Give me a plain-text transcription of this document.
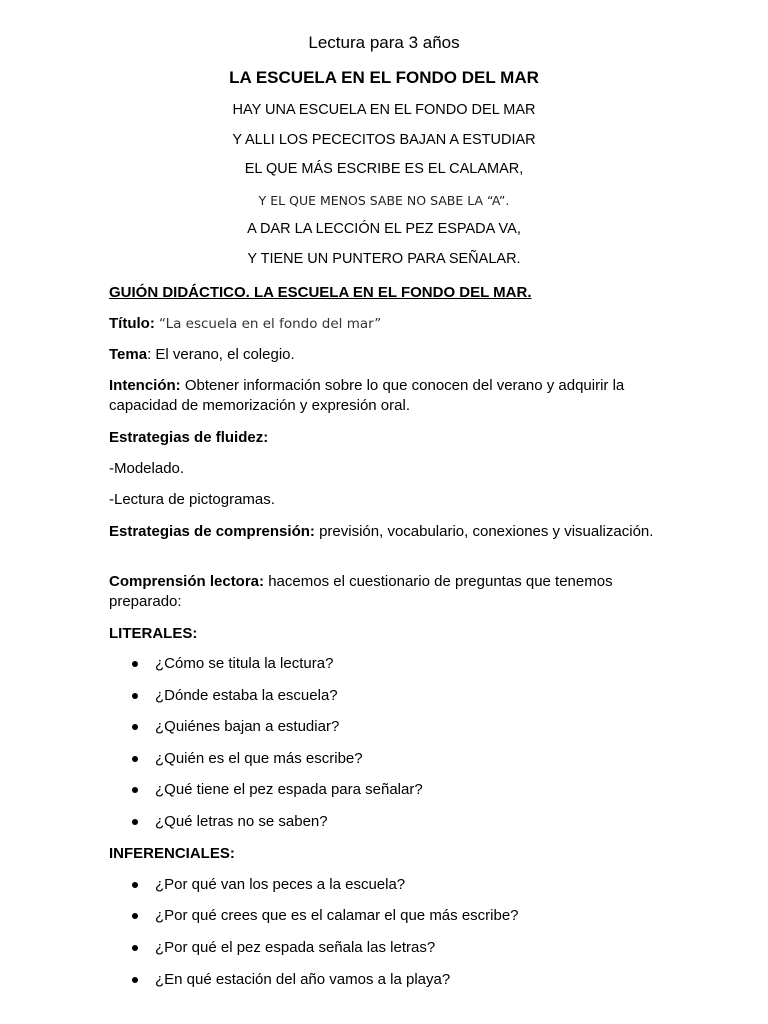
Lectura para 3 años
LA ESCUELA EN EL FONDO DEL MAR
HAY UNA ESCUELA EN EL FONDO DEL MAR
Y ALLI LOS PECECITOS BAJAN A ESTUDIAR
EL QUE MÁS ESCRIBE ES EL CALAMAR,
Y EL QUE MENOS SABE NO SABE LA “A”.
A DAR LA LECCIÓN EL PEZ ESPADA VA,
Y TIENE UN PUNTERO PARA SEÑALAR.
GUIÓN DIDÁCTICO. LA ESCUELA EN EL FONDO DEL MAR.
Título: “La escuela en el fondo del mar”
Tema: El verano, el colegio.
Intención: Obtener información sobre lo que conocen del verano y adquirir la capacidad de memorización y expresión oral.
Estrategias de fluidez:
-Modelado.
-Lectura de pictogramas.
Estrategias de comprensión: previsión, vocabulario, conexiones y visualización.
Comprensión lectora: hacemos el cuestionario de preguntas que tenemos preparado:
LITERALES:
¿Cómo se titula la lectura?
¿Dónde estaba la escuela?
¿Quiénes bajan a estudiar?
¿Quién es el que más escribe?
¿Qué tiene el pez espada para señalar?
¿Qué letras no se saben?
INFERENCIALES:
¿Por qué van los peces a la escuela?
¿Por qué crees que es el calamar el que más escribe?
¿Por qué el pez espada señala las letras?
¿En qué estación del año vamos a la playa?
